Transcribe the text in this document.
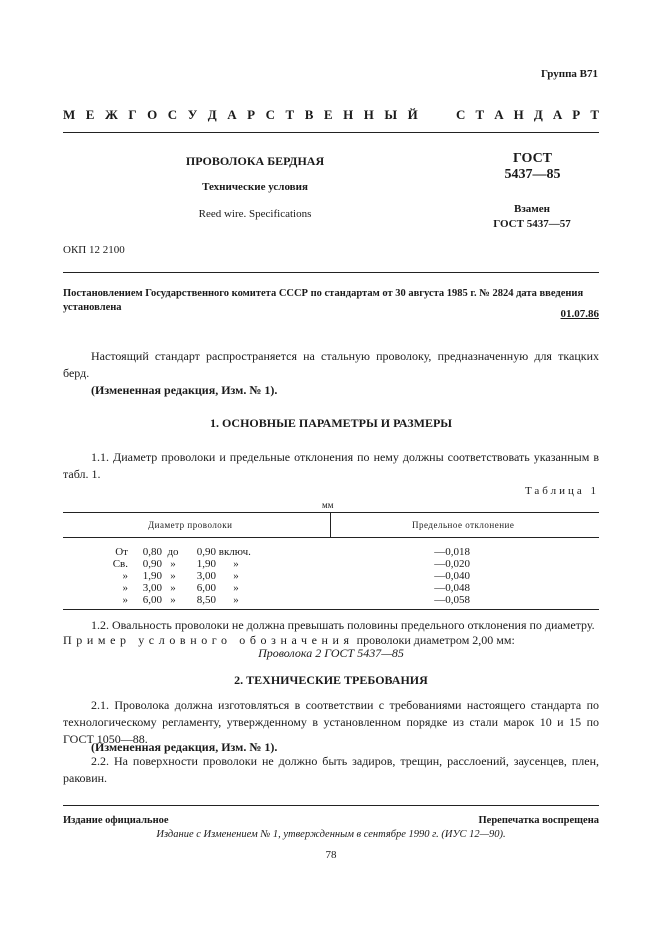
Группа В71
М Е Ж Г О С У Д А Р С Т В Е Н Н Ы Й	С Т А Н Д А Р Т
ПРОВОЛОКА БЕРДНАЯ
Технические условия
Reed wire. Specifications
ГОСТ
5437—85
Взамен
ГОСТ 5437—57
ОКП 12 2100
Постановлением Государственного комитета СССР по стандартам от 30 августа 1985 г. № 2824 дата введения установлена
01.07.86
Настоящий стандарт распространяется на стальную проволоку, предназначенную для ткацких берд.
(Измененная редакция, Изм. № 1).
1. ОСНОВНЫЕ ПАРАМЕТРЫ И РАЗМЕРЫ
1.1. Диаметр проволоки и предельные отклонения по нему должны соответствовать указанным в табл. 1.
Таблица 1
мм
Диаметр проволоки	Предельное отклонение
От 0,80 до 0,90 включ.	—0,018
Св. 0,90 » 1,90 »	—0,020
» 1,90 » 3,00 »	—0,040
» 3,00 » 6,00 »	—0,048
» 6,00 » 8,50 »	—0,058
1.2. Овальность проволоки не должна превышать половины предельного отклонения по диаметру.
Пример условного обозначения проволоки диаметром 2,00 мм:
Проволока 2 ГОСТ 5437—85
2. ТЕХНИЧЕСКИЕ ТРЕБОВАНИЯ
2.1. Проволока должна изготовляться в соответствии с требованиями настоящего стандарта по технологическому регламенту, утвержденному в установленном порядке из стали марок 10 и 15 по ГОСТ 1050—88.
(Измененная редакция, Изм. № 1).
2.2. На поверхности проволоки не должно быть задиров, трещин, расслоений, заусенцев, плен, раковин.
Издание официальное	Перепечатка воспрещена
Издание с Изменением № 1, утвержденным в сентябре 1990 г. (ИУС 12—90).
78
